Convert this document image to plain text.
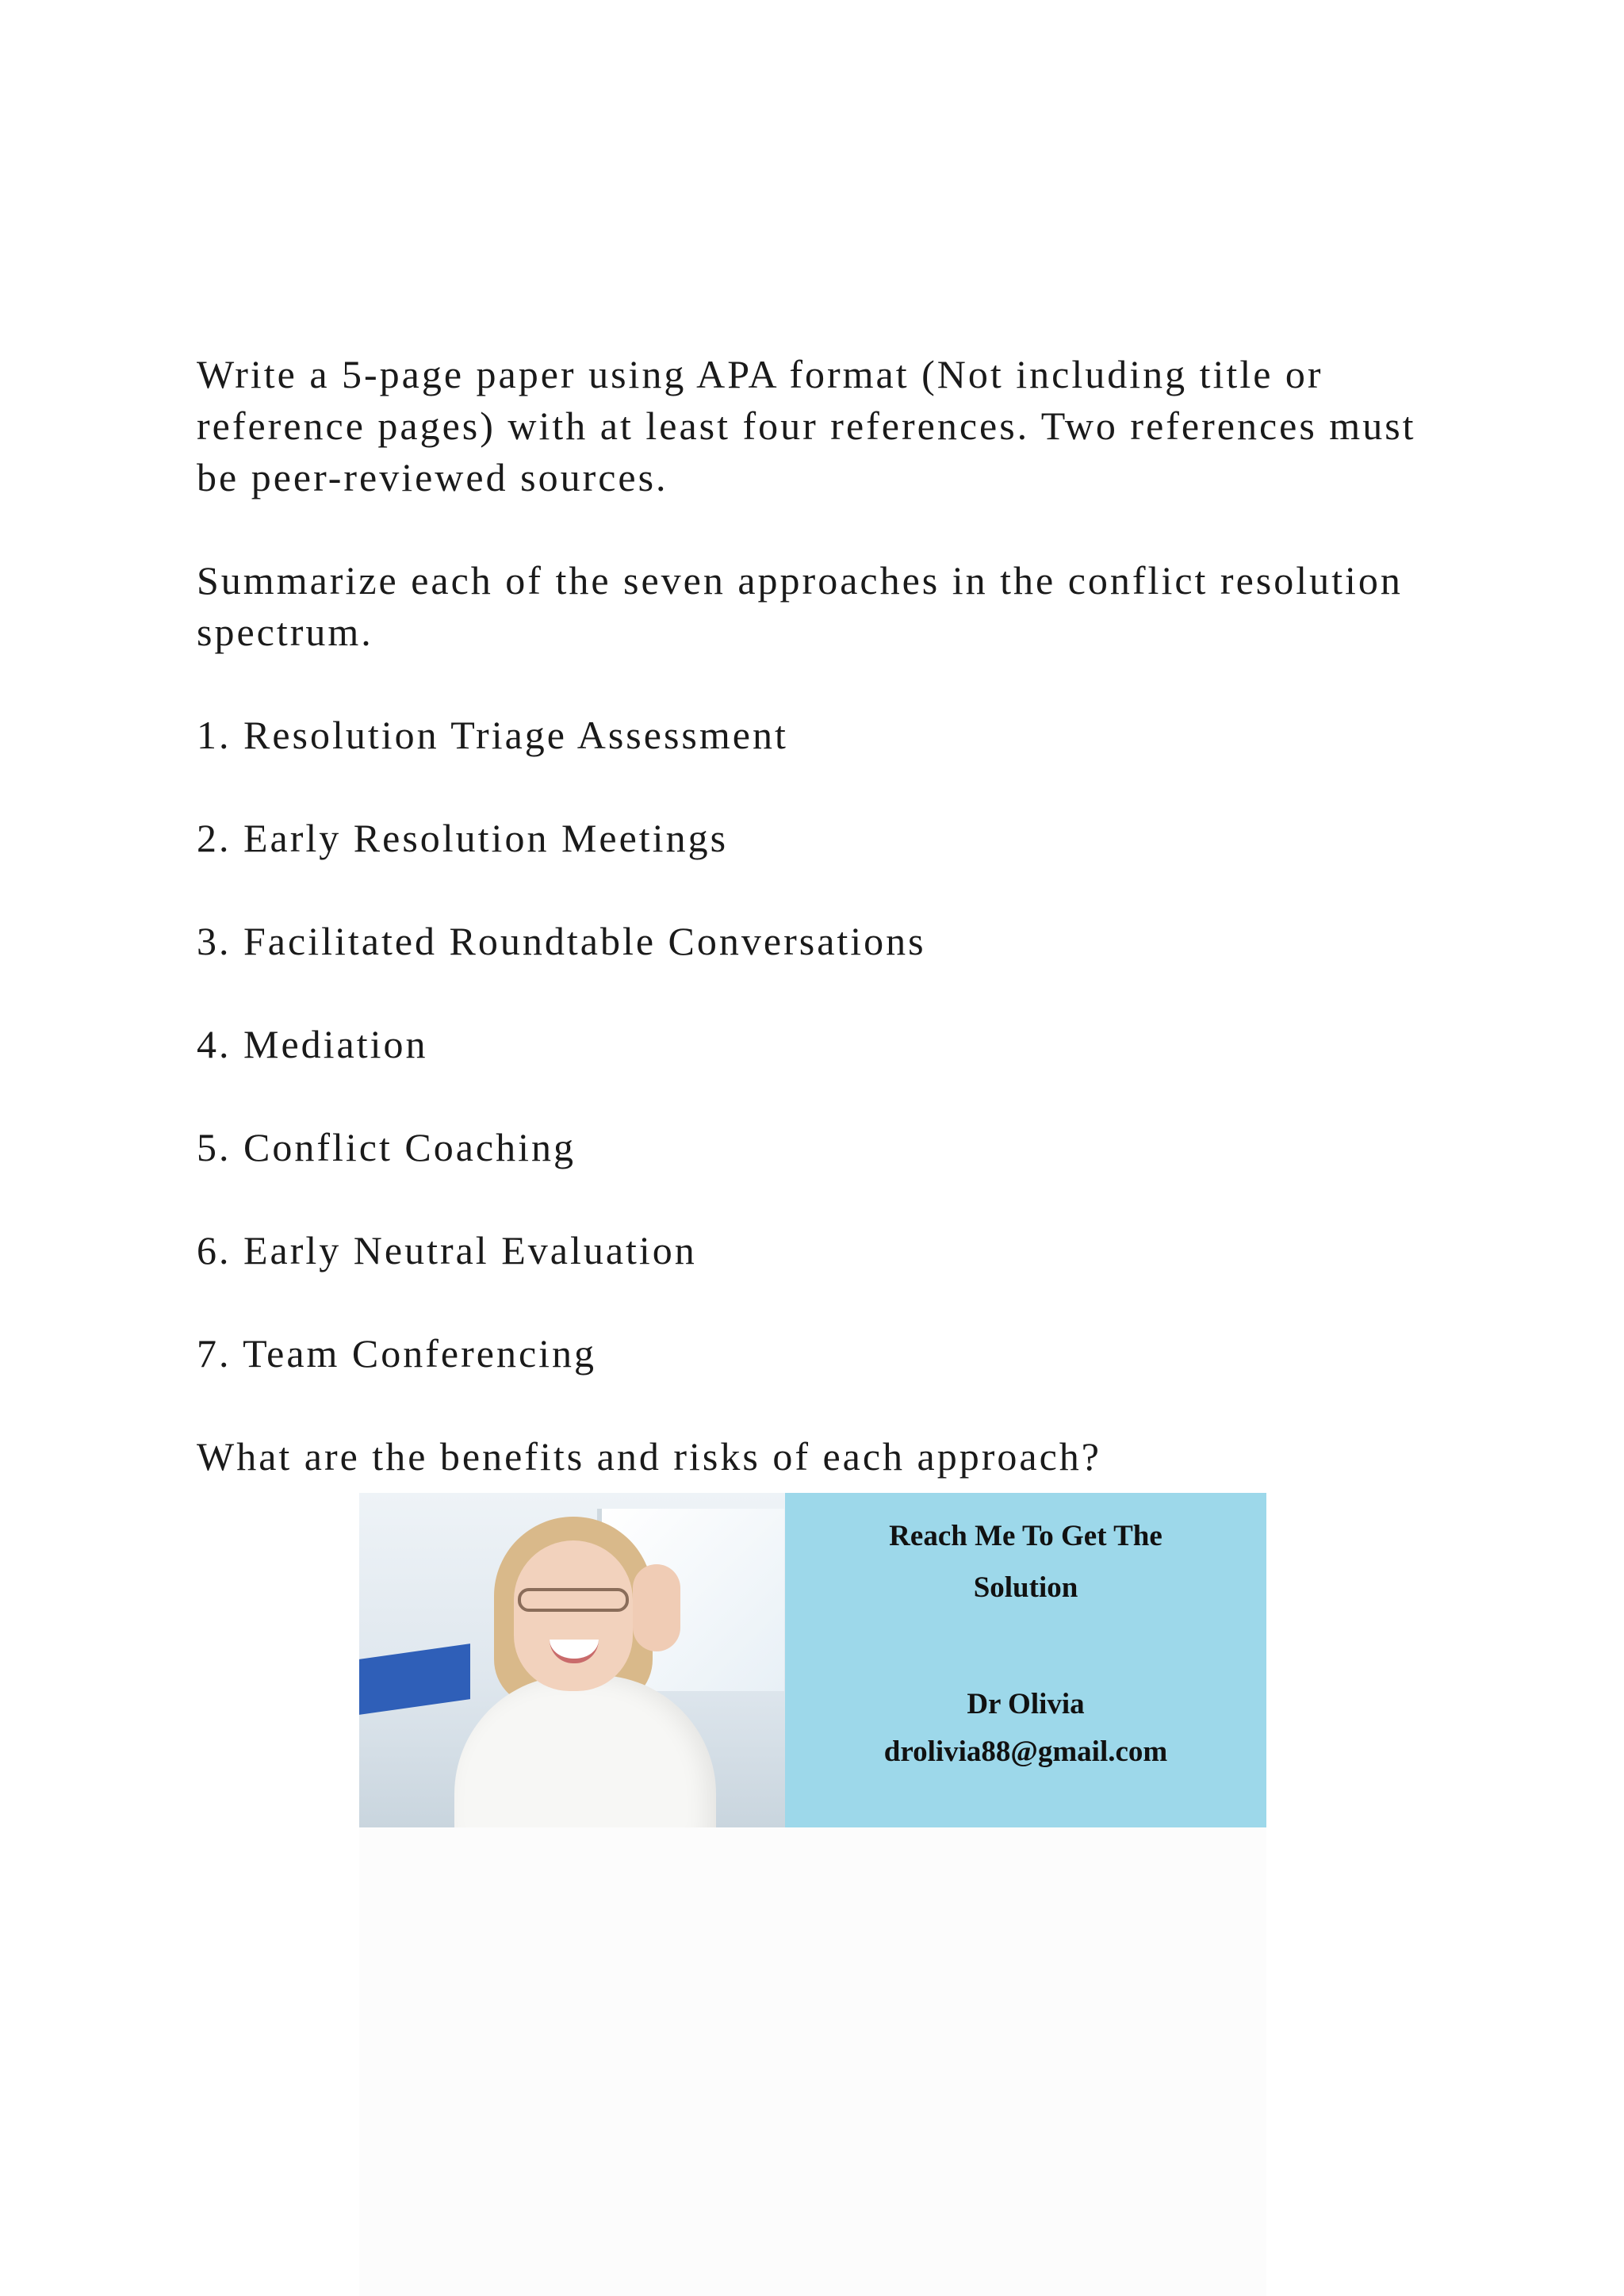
Write a 5-page paper using APA format (Not including title or reference pages) with at least four references. Two references must be peer-reviewed sources.

Summarize each of the seven approaches in the conflict resolution spectrum.

1. Resolution Triage Assessment
2. Early Resolution Meetings
3. Facilitated Roundtable Conversations
4. Mediation
5. Conflict Coaching
6. Early Neutral Evaluation
7. Team Conferencing

What are the benefits and risks of each approach?

Reach Me To Get The
Solution
Dr Olivia
drolivia88@gmail.com
